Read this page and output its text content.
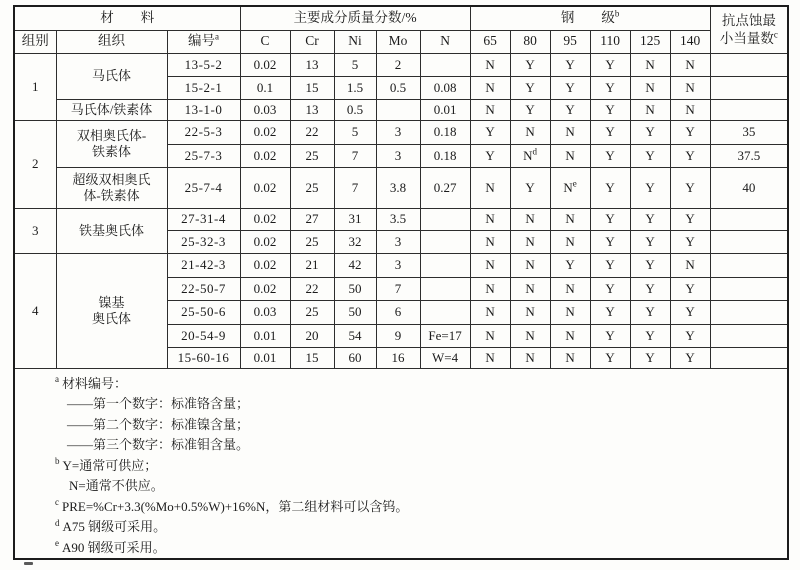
材　　料			主要成分质量分数/%					钢　　级$^b$						抗点蚀最
小当量数$^c$

组别	组织	编号$^a$	C	Cr	Ni	Mo	N	65	80	95	110	125	140	
1	马氏体	13-5-2	0.02	13	5	2		N	Y	Y	Y	N	N	
		15-2-1	0.1	15	1.5	0.5	0.08	N	Y	Y	Y	N	N	
	马氏体/铁素体	13-1-0	0.03	13	0.5		0.01	N	Y	Y	Y	N	N	
2	双相奥氏体-
铁素体	22-5-3	0.02	22	5	3	0.18	Y	N	N	Y	Y	Y	35
		25-7-3	0.02	25	7	3	0.18	Y	$N^d$	N	Y	Y	Y	37.5

	超级双相奥氏
体-铁素体	25-7-4	0.02	25	7	3.8	0.27	N	Y	$N^e$	Y	Y	Y	40
3	铁基奥氏体	27-31-4	0.02	27	31	3.5		N	N	N	Y	Y	Y	
		25-32-3	0.02	25	32	3		N	N	N	Y	Y	Y	
4	镍基
奥氏体	21-42-3	0.02	21	42	3		N	N	Y	Y	Y	N	
		22-50-7	0.02	22	50	7		N	N	N	Y	Y	Y	
		25-50-6	0.03	25	50	6		N	N	N	Y	Y	Y	
		20-54-9	0.01	20	54	9	Fe=17	N	N	N	Y	Y	Y	
		15-60-16	0.01	15	60	16	W=4	N	N	N	Y	Y	Y	

$^a$ 材料编号：
——第一个数字：标准铬含量；
——第二个数字：标准镍含量；
——第三个数字：标准钼含量。
$^b$ Y=通常可供应；
N=通常不供应。
$^c$ PRE=%Cr+3.3(%Mo+0.5%W)+16%N，第二组材料可以含钨。
$^d$ A75 钢级可采用。
$^e$ A90 钢级可采用。
